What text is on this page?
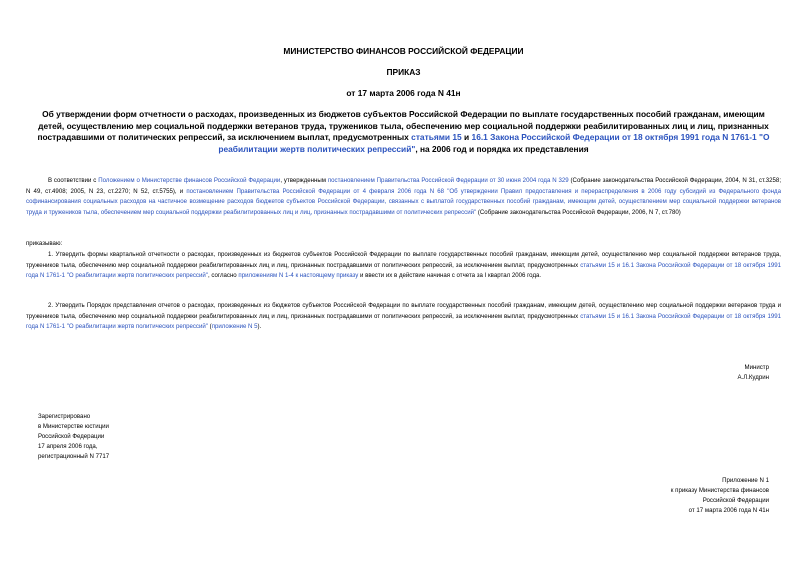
МИНИСТЕРСТВО ФИНАНСОВ РОССИЙСКОЙ ФЕДЕРАЦИИ
ПРИКАЗ
от 17 марта 2006 года N 41н
Об утверждении форм отчетности о расходах, произведенных из бюджетов субъектов Российской Федерации по выплате государственных пособий гражданам, имеющим детей, осуществлению мер социальной поддержки ветеранов труда, тружеников тыла, обеспечению мер социальной поддержки реабилитированных лиц и лиц, признанных пострадавшими от политических репрессий, за исключением выплат, предусмотренных статьями 15 и 16.1 Закона Российской Федерации от 18 октября 1991 года N 1761-1 "О реабилитации жертв политических репрессий", на 2006 год и порядка их представления
В соответствии с Положением о Министерстве финансов Российской Федерации, утвержденным постановлением Правительства Российской Федерации от 30 июня 2004 года N 329 (Собрание законодательства Российской Федерации, 2004, N 31, ст.3258; N 49, ст.4908; 2005, N 23, ст.2270; N 52, ст.5755), и постановлением Правительства Российской Федерации от 4 февраля 2006 года N 68 "Об утверждении Правил предоставления и перераспределения в 2006 году субсидий из Федерального фонда софинансирования социальных расходов на частичное возмещение расходов бюджетов субъектов Российской Федерации, связанных с выплатой государственных пособий гражданам, имеющим детей, осуществлением мер социальной поддержки ветеранов труда и тружеников тыла, обеспечением мер социальной поддержки реабилитированных лиц и лиц, признанных пострадавшими от политических репрессий" (Собрание законодательства Российской Федерации, 2006, N 7, ст.780)
приказываю:
1. Утвердить формы квартальной отчетности о расходах, произведенных из бюджетов субъектов Российской Федерации по выплате государственных пособий гражданам, имеющим детей, осуществлению мер социальной поддержки ветеранов труда, тружеников тыла, обеспечению мер социальной поддержки реабилитированных лиц и лиц, признанных пострадавшими от политических репрессий, за исключением выплат, предусмотренных статьями 15 и 16.1 Закона Российской Федерации от 18 октября 1991 года N 1761-1 "О реабилитации жертв политических репрессий", согласно приложениям N 1-4 к настоящему приказу и ввести их в действие начиная с отчета за I квартал 2006 года.
2. Утвердить Порядок представления отчетов о расходах, произведенных из бюджетов субъектов Российской Федерации по выплате государственных пособий гражданам, имеющим детей, осуществлению мер социальной поддержки ветеранов труда и тружеников тыла, обеспечению мер социальной поддержки реабилитированных лиц и лиц, признанных пострадавшими от политических репрессий, за исключением выплат, предусмотренных статьями 15 и 16.1 Закона Российской Федерации от 18 октября 1991 года N 1761-1 "О реабилитации жертв политических репрессий" (приложение N 5).
Министр
А.Л.Кудрин
Зарегистрировано
в Министерстве юстиции
Российской Федерации
17 апреля 2006 года,
регистрационный N 7717
Приложение N 1
к приказу Министерства финансов
Российской Федерации
от 17 марта 2006 года N 41н
